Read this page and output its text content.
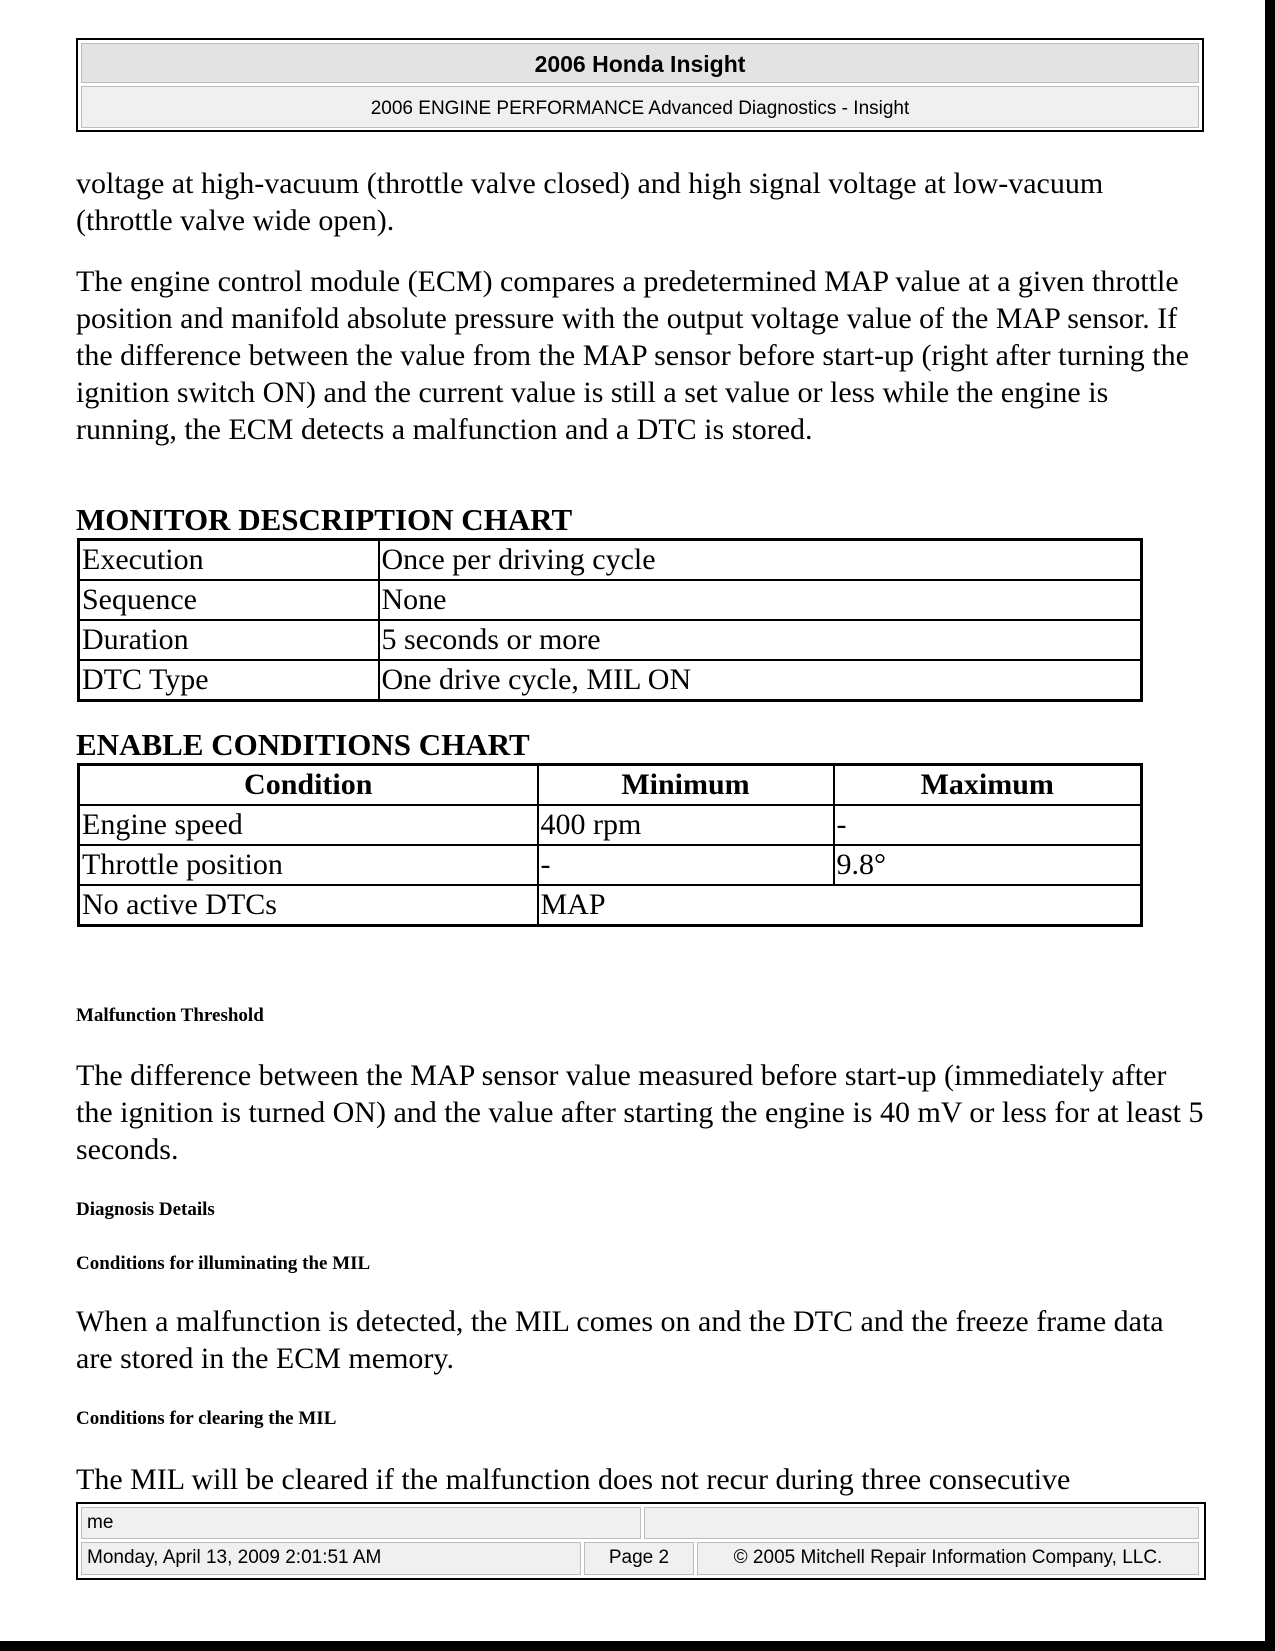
2006 Honda Insight
2006 ENGINE PERFORMANCE Advanced Diagnostics - Insight

voltage at high-vacuum (throttle valve closed) and high signal voltage at low-vacuum (throttle valve wide open).

The engine control module (ECM) compares a predetermined MAP value at a given throttle position and manifold absolute pressure with the output voltage value of the MAP sensor. If the difference between the value from the MAP sensor before start-up (right after turning the ignition switch ON) and the current value is still a set value or less while the engine is running, the ECM detects a malfunction and a DTC is stored.

MONITOR DESCRIPTION CHART
Execution	Once per driving cycle
Sequence	None
Duration	5 seconds or more
DTC Type	One drive cycle, MIL ON
ENABLE CONDITIONS CHART
Condition	Minimum	Maximum
Engine speed	400 rpm	-
Throttle position	-	9.8°
No active DTCs	MAP	
Malfunction Threshold

The difference between the MAP sensor value measured before start-up (immediately after the ignition is turned ON) and the value after starting the engine is 40 mV or less for at least 5 seconds.

Diagnosis Details
Conditions for illuminating the MIL

When a malfunction is detected, the MIL comes on and the DTC and the freeze frame data are stored in the ECM memory.

Conditions for clearing the MIL

The MIL will be cleared if the malfunction does not recur during three consecutive

me
Monday, April 13, 2009 2:01:51 AM	Page 2	© 2005 Mitchell Repair Information Company, LLC.
